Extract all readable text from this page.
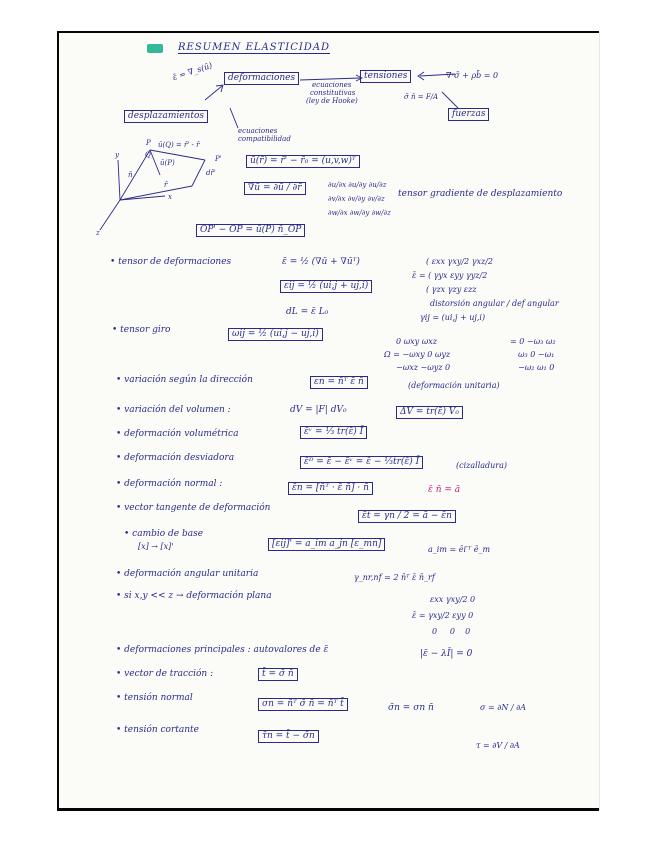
RESUMEN ELASTICIDAD
ε̄ = ∇_s(ū)	deformaciones	tensiones	∇·σ̄ + ρb̄ = 0
ecuaciones
constitutivas
(ley de Hooke)	σ̄ n̄ = F/A
fuerzas
desplazamientos
ecuaciones
compatibilidad
P ū(Q) = r̄' - r̄
Q
ū(P)	P'
dr̄'
r̄
n̄
y
x
z
ū(r̄) = r̄' − r̄₀ = (u,v,w)ᵀ
∇ū = ∂ū / ∂r̄	∂u/∂x ∂u/∂y ∂u/∂z
∂v/∂x ∂v/∂y ∂v/∂z
∂w/∂x ∂w/∂y ∂w/∂z
tensor gradiente de desplazamiento
OP' − OP = ū(P) n̄_OP
• tensor de deformaciones	ε̄ = ½ (∇ū + ∇ūᵀ)
εij = ½ (ui,j + uj,i)
( εxx γxy/2 γxz/2
ε̄ = ( γyx εyy γyz/2
( γzx γzy εzz
distorsión angular / def angular
γij = (ui,j + uj,i)
dL = ε̄ L₀
• tensor giro	ωij = ½ (ui,j − uj,i)
0 ωxy ωxz
Ω = −ωxy 0 ωyz
−ωxz −ωyz 0
= 0 −ω₃ ω₂
ω₃ 0 −ω₁
−ω₂ ω₁ 0
• variación según la dirección	εn = n̄ᵀ ε̄ n̄	(deformación unitaria)
• variación del volumen :	dV = |F| dV₀	ΔV = tr(ε̄) V₀
• deformación volumétrica	ε̄ᵛ = ⅓ tr(ε̄) Ī
• deformación desviadora	ε̄ᴰ = ε̄ − ε̄ᵛ = ε̄ − ⅓tr(ε̄) Ī	(cizalladura)
• deformación normal :	ε̄n = [n̄ᵀ · ε̄ n̄] · n̄	ε̄ n̄ = ā
• vector tangente de deformación
ε̄t = γn / 2 = ā − ε̄n
• cambio de base
[x] → [x]'	[εij]' = a_im a_jn [ε_mn]
a_im = ēi′ᵀ ē_m
• deformación angular unitaria	γ_nr,nf = 2 n̄ᵀ ε̄ n̄_rf
• si x,y << z → deformación plana	εxx γxy/2 0
ε̄ = γxy/2 εyy 0
0 0 0
• deformaciones principales : autovalores de ε̄	|ε̄ − λĪ| = 0
• vector de tracción :	t̄ = σ̄ n̄
• tensión normal
σn = n̄ᵀ σ̄ n̄ = n̄ᵀ t̄	σ̄n = σn n̄	σ = ∂N / ∂A
• tensión cortante
τ̄n = t̄ − σ̄n
τ = ∂V / ∂A
